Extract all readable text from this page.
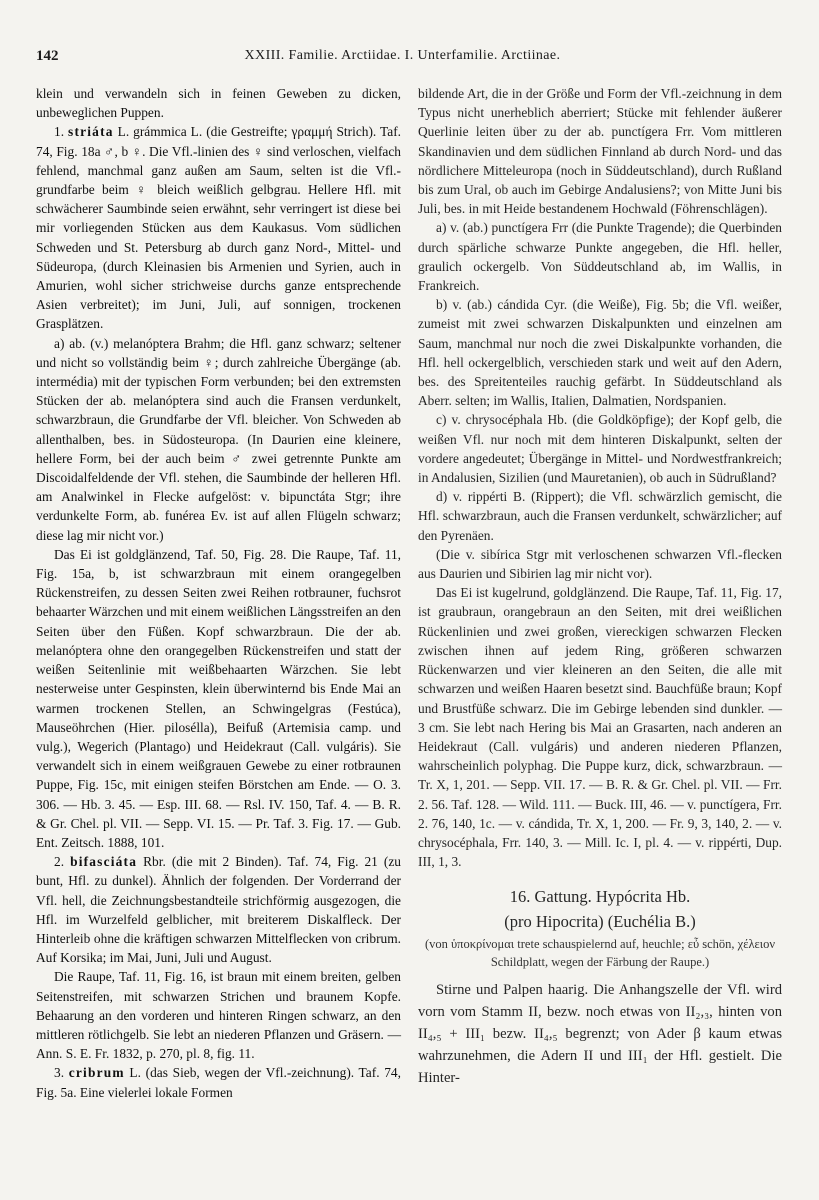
142	XXIII. Familie. Arctiidae. I. Unterfamilie. Arctiinae.

klein und verwandeln sich in feinen Geweben zu dicken, unbeweglichen Puppen.

1. striáta L. grámmica L. (die Gestreifte; γραμμή Strich). Taf. 74, Fig. 18a ♂, b ♀. Die Vfl.-linien des ♀ sind verloschen, vielfach fehlend, manchmal ganz außen am Saum, selten ist die Vfl.-grundfarbe beim ♀ bleich weißlich gelbgrau. Hellere Hfl. mit schwächerer Saumbinde seien erwähnt, sehr verringert ist diese bei mir vorliegenden Stücken aus dem Kaukasus. Vom südlichen Schweden und St. Petersburg ab durch ganz Nord-, Mittel- und Südeuropa, (durch Kleinasien bis Armenien und Syrien, auch in Amurien, wohl sicher strichweise durchs ganze entsprechende Asien verbreitet); im Juni, Juli, auf sonnigen, trockenen Grasplätzen.

a) ab. (v.) melanóptera Brahm; die Hfl. ganz schwarz; seltener und nicht so vollständig beim ♀; durch zahlreiche Übergänge (ab. intermédia) mit der typischen Form verbunden; bei den extremsten Stücken der ab. melanóptera sind auch die Fransen verdunkelt, schwarzbraun, die Grundfarbe der Vfl. bleicher. Von Schweden ab allenthalben, bes. in Südosteuropa. (In Daurien eine kleinere, hellere Form, bei der auch beim ♂ zwei getrennte Punkte am Discoidalfeldende der Vfl. stehen, die Saumbinde der helleren Hfl. am Analwinkel in Flecke aufgelöst: v. bipunctáta Stgr; ihre verdunkelte Form, ab. funérea Ev. ist auf allen Flügeln schwarz; diese lag mir nicht vor.)

Das Ei ist goldglänzend, Taf. 50, Fig. 28. Die Raupe, Taf. 11, Fig. 15a, b, ist schwarzbraun mit einem orangegelben Rückenstreifen, zu dessen Seiten zwei Reihen rotbrauner, fuchsrot behaarter Wärzchen und mit einem weißlichen Längsstreifen an den Seiten über den Füßen. Kopf schwarzbraun. Die der ab. melanóptera ohne den orangegelben Rückenstreifen und statt der weißen Seitenlinie mit weißbehaarten Wärzchen. Sie lebt nesterweise unter Gespinsten, klein überwinternd bis Ende Mai an warmen trockenen Stellen, an Schwingelgras (Festúca), Mauseöhrchen (Hier. pilosélla), Beifuß (Artemisia camp. und vulg.), Wegerich (Plantago) und Heidekraut (Call. vulgáris). Sie verwandelt sich in einem weißgrauen Gewebe zu einer rotbraunen Puppe, Fig. 15c, mit einigen steifen Börstchen am Ende. — O. 3. 306. — Hb. 3. 45. — Esp. III. 68. — Rsl. IV. 150, Taf. 4. — B. R. & Gr. Chel. pl. VII. — Sepp. VI. 15. — Pr. Taf. 3. Fig. 17. — Gub. Ent. Zeitsch. 1888, 101.

2. bifasciáta Rbr. (die mit 2 Binden). Taf. 74, Fig. 21 (zu bunt, Hfl. zu dunkel). Ähnlich der folgenden. Der Vorderrand der Vfl. hell, die Zeichnungsbestandteile strichförmig ausgezogen, die Hfl. im Wurzelfeld gelblicher, mit breiterem Diskalfleck. Der Hinterleib ohne die kräftigen schwarzen Mittelflecken von cribrum. Auf Korsika; im Mai, Juni, Juli und August.

Die Raupe, Taf. 11, Fig. 16, ist braun mit einem breiten, gelben Seitenstreifen, mit schwarzen Strichen und braunem Kopfe. Behaarung an den vorderen und hinteren Ringen schwarz, an den mittleren rötlichgelb. Sie lebt an niederen Pflanzen und Gräsern. — Ann. S. E. Fr. 1832, p. 270, pl. 8, fig. 11.

3. cribrum L. (das Sieb, wegen der Vfl.-zeichnung). Taf. 74, Fig. 5a. Eine vielerlei lokale Formen

bildende Art, die in der Größe und Form der Vfl.-zeichnung in dem Typus nicht unerheblich aberriert; Stücke mit fehlender äußerer Querlinie leiten über zu der ab. punctígera Frr. Vom mittleren Skandinavien und dem südlichen Finnland ab durch Nord- und das nördlichere Mitteleuropa (noch in Süddeutschland), durch Rußland bis zum Ural, ob auch im Gebirge Andalusiens?; von Mitte Juni bis Juli, bes. in mit Heide bestandenem Hochwald (Föhrenschlägen).

a) v. (ab.) punctígera Frr (die Punkte Tragende); die Querbinden durch spärliche schwarze Punkte angegeben, die Hfl. heller, graulich ockergelb. Von Süddeutschland ab, im Wallis, in Frankreich.

b) v. (ab.) cándida Cyr. (die Weiße), Fig. 5b; die Vfl. weißer, zumeist mit zwei schwarzen Diskalpunkten und einzelnen am Saum, manchmal nur noch die zwei Diskalpunkte vorhanden, die Hfl. hell ockergelblich, verschieden stark und weit auf den Adern, bes. des Spreitenteiles rauchig gefärbt. In Süddeutschland als Aberr. selten; im Wallis, Italien, Dalmatien, Nordspanien.

c) v. chrysocéphala Hb. (die Goldköpfige); der Kopf gelb, die weißen Vfl. nur noch mit dem hinteren Diskalpunkt, selten der vordere angedeutet; Übergänge in Mittel- und Nordwestfrankreich; in Andalusien, Sizilien (und Mauretanien), ob auch in Südrußland?

d) v. rippérti B. (Rippert); die Vfl. schwärzlich gemischt, die Hfl. schwarzbraun, auch die Fransen verdunkelt, schwärzlicher; auf den Pyrenäen.

(Die v. sibírica Stgr mit verloschenen schwarzen Vfl.-flecken aus Daurien und Sibirien lag mir nicht vor).

Das Ei ist kugelrund, goldglänzend. Die Raupe, Taf. 11, Fig. 17, ist graubraun, orangebraun an den Seiten, mit drei weißlichen Rückenlinien und zwei großen, viereckigen schwarzen Flecken zwischen ihnen auf jedem Ring, größeren schwarzen Rückenwarzen und vier kleineren an den Seiten, die alle mit schwarzen und weißen Haaren besetzt sind. Bauchfüße braun; Kopf und Brustfüße schwarz. Die im Gebirge lebenden sind dunkler. — 3 cm. Sie lebt nach Hering bis Mai an Grasarten, nach anderen an Heidekraut (Call. vulgáris) und anderen niederen Pflanzen, wahrscheinlich polyphag. Die Puppe kurz, dick, schwarzbraun. — Tr. X, 1, 201. — Sepp. VII. 17. — B. R. & Gr. Chel. pl. VII. — Frr. 2. 56. Taf. 128. — Wild. 111. — Buck. III, 46. — v. punctígera, Frr. 2. 76, 140, 1c. — v. cándida, Tr. X, 1, 200. — Fr. 9, 3, 140, 2. — v. chrysocéphala, Frr. 140, 3. — Mill. Ic. I, pl. 4. — v. rippérti, Dup. III, 1, 3.

16. Gattung. Hypócrita Hb.

(pro Hipocrita) (Euchélia B.)

(von ὑποκρίνομαι trete schauspielernd auf, heuchle; εὖ schön, χέλειον Schildplatt, wegen der Färbung der Raupe.)

Stirne und Palpen haarig. Die Anhangszelle der Vfl. wird vorn vom Stamm II, bezw. noch etwas von II₂,₃, hinten von II₄,₅ + III₁ bezw. II₄,₅ begrenzt; von Ader β kaum etwas wahrzunehmen, die Adern II und III₁ der Hfl. gestielt. Die Hinter-
